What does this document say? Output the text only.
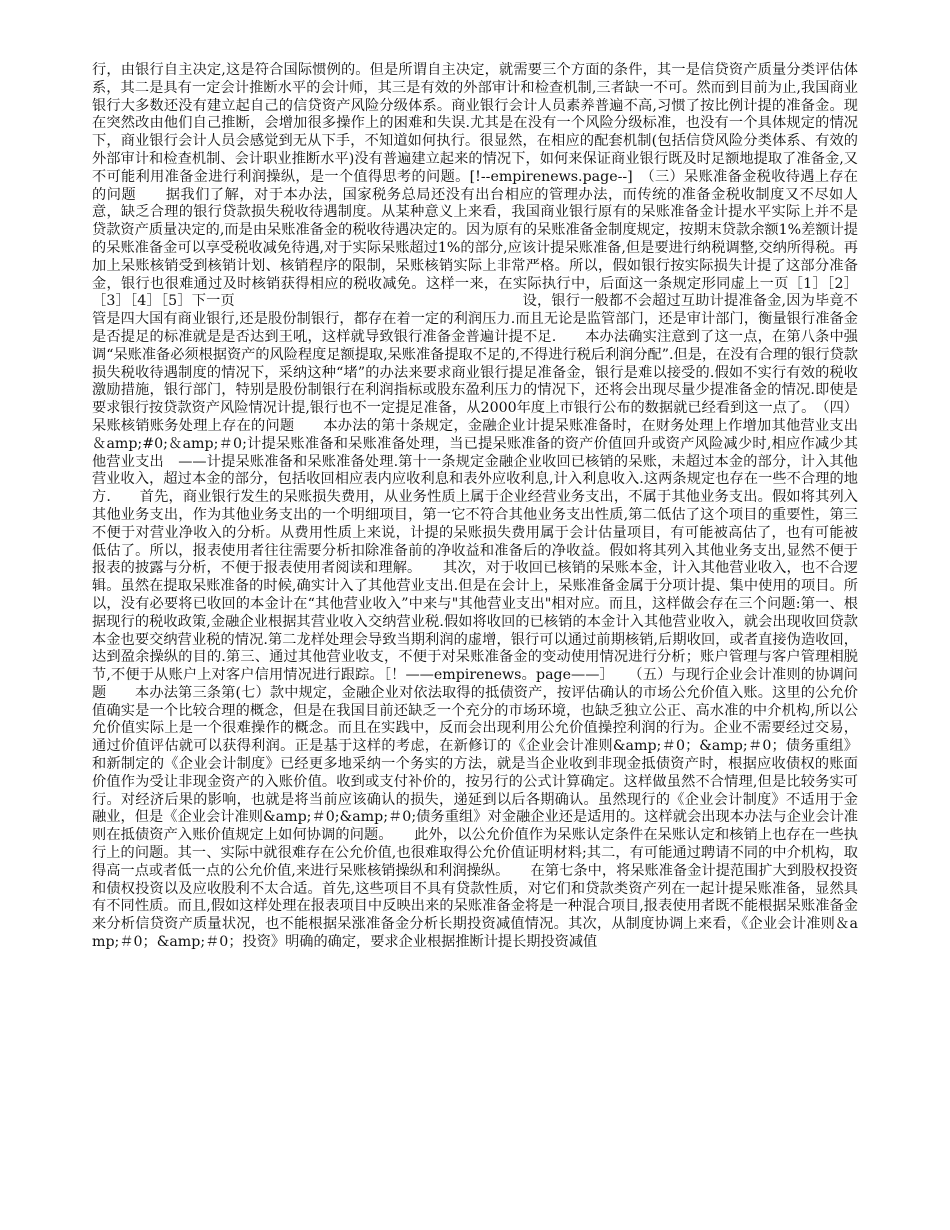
行，由银行自主决定,这是符合国际惯例的。但是所谓自主决定，就需要三个方面的条件，其一是信贷资产质量分类评估体系，其二是具有一定会计推断水平的会计师，其三是有效的外部审计和检查机制,三者缺一不可。然而到目前为止,我国商业银行大多数还没有建立起自己的信贷资产风险分级体系。商业银行会计人员素养普遍不高,习惯了按比例计提的准备金。现在突然改由他们自己推断，会增加很多操作上的困难和失误.尤其是在没有一个风险分级标准，也没有一个具体规定的情况下，商业银行会计人员会感觉到无从下手，不知道如何执行。很显然，在相应的配套机制(包括信贷风险分类体系、有效的外部审计和检查机制、会计职业推断水平)没有普遍建立起来的情况下，如何来保证商业银行既及时足额地提取了准备金,又不可能利用准备金进行利润操纵，是一个值得思考的问题。[!--empirenews.page--]　（三）呆账准备金税收待遇上存在的问题　　据我们了解，对于本办法，国家税务总局还没有出台相应的管理办法，而传统的准备金税收制度又不尽如人意，缺乏合理的银行贷款损失税收待遇制度。从某种意义上来看，我国商业银行原有的呆账准备金计提水平实际上并不是贷款资产质量决定的,而是由呆账准备金的税收待遇决定的。因为原有的呆账准备金制度规定，按期末贷款余额1%差额计提的呆账准备金可以享受税收减免待遇,对于实际呆账超过1%的部分,应该计提呆账准备,但是要进行纳税调整,交纳所得税。再加上呆账核销受到核销计划、核销程序的限制，呆账核销实际上非常严格。所以，假如银行按实际损失计提了这部分准备金，银行也很难通过及时核销获得相应的税收减免。这样一来，在实际执行中，后面这一条规定形同虚上一页［1］［2］［3］［4］［5］下一页　　　　　　　　　　　　　　　　　　　　设，银行一般都不会超过互助计提准备金,因为毕竟不管是四大国有商业银行,还是股份制银行，都存在着一定的利润压力.而且无论是监管部门，还是审计部门，衡量银行准备金是否提足的标准就是是否达到王吼，这样就导致银行准备金普遍计提不足.　　本办法确实注意到了这一点，在第八条中强调“呆账准备必须根据资产的风险程度足额提取,呆账准备提取不足的,不得进行税后利润分配”.但是，在没有合理的银行贷款损失税收待遇制度的情况下，采纳这种“堵”的办法来要求商业银行提足准备金，银行是难以接受的.假如不实行有效的税收激励措施，银行部门，特别是股份制银行在利润指标或股东盈利压力的情况下，还将会出现尽量少提准备金的情况.即使是要求银行按贷款资产风险情况计提,银行也不一定提足准备，从2000年度上市银行公布的数据就已经看到这一点了。　（四）呆账核销账务处理上存在的问题　　本办法的第十条规定，金融企业计提呆账准备时，在财务处理上作增加其他营业支出＆amp;#0;＆amp;＃0;计提呆账准备和呆账准备处理，当已提呆账准备的资产价值回升或资产风险减少时,相应作减少其他营业支出　——计提呆账准备和呆账准备处理.第十一条规定金融企业收回已核销的呆账，未超过本金的部分，计入其他营业收入，超过本金的部分，包括收回相应表内应收利息和表外应收利息,计入利息收入.这两条规定也存在一些不合理的地方.　　首先，商业银行发生的呆账损失费用，从业务性质上属于企业经营业务支出，不属于其他业务支出。假如将其列入其他业务支出，作为其他业务支出的一个明细项目，第一它不符合其他业务支出性质,第二低估了这个项目的重要性，第三不便于对营业净收入的分析。从费用性质上来说，计提的呆账损失费用属于会计估量项目，有可能被高估了，也有可能被低估了。所以，报表使用者往往需要分析扣除准备前的净收益和准备后的净收益。假如将其列入其他业务支出,显然不便于报表的披露与分析，不便于报表使用者阅读和理解。　　其次，对于收回已核销的呆账本金，计入其他营业收入，也不合逻辑。虽然在提取呆账准备的时候,确实计入了其他营业支出.但是在会计上，呆账准备金属于分项计提、集中使用的项目。所以，没有必要将已收回的本金计在“其他营业收入”中来与"其他营业支出"相对应。而且，这样做会存在三个问题:第一、根据现行的税收政策,金融企业根据其营业收入交纳营业税.假如将收回的已核销的本金计入其他营业收入，就会出现收回贷款本金也要交纳营业税的情况.第二龙样处理会导致当期利润的虚增，银行可以通过前期核销,后期收回，或者直接伪造收回，达到盈余操纵的目的.第三、通过其他营业收支，不便于对呆账准备金的变动使用情况进行分析；账户管理与客户管理相脱节,不便于从账户上对客户信用情况进行跟踪。［！——empirenews。page——］　　（五）与现行企业会计准则的协调问题　　本办法第三条第(七）款中规定，金融企业对依法取得的抵债资产，按评估确认的市场公允价值入账。这里的公允价值确实是一个比较合理的概念，但是在我国目前还缺乏一个充分的市场环境，也缺乏独立公正、高水准的中介机构,所以公允价值实际上是一个很难操作的概念。而且在实践中，反而会出现利用公允价值操控利润的行为。企业不需要经过交易，通过价值评估就可以获得利润。正是基于这样的考虑，在新修订的《企业会计准则&amp;＃0；&amp;＃0；债务重组》和新制定的《企业会计制度》已经更多地采纳一个务实的方法，就是当企业收到非现金抵债资产时，根据应收债权的账面价值作为受让非现金资产的入账价值。收到或支付补价的，按另行的公式计算确定。这样做虽然不合情理,但是比较务实可行。对经济后果的影响，也就是将当前应该确认的损失，递延到以后各期确认。虽然现行的《企业会计制度》不适用于金融业，但是《企业会计准则&amp;＃0;&amp;＃0;债务重组》对金融企业还是适用的。这样就会出现本办法与企业会计准则在抵债资产入账价值规定上如何协调的问题。　　此外，以公允价值作为呆账认定条件在呆账认定和核销上也存在一些执行上的问题。其一、实际中就很难存在公允价值,也很难取得公允价值证明材料;其二，有可能通过聘请不同的中介机构，取得高一点或者低一点的公允价值,来进行呆账核销操纵和利润操纵。　　在第七条中，将呆账准备金计提范围扩大到股权投资和债权投资以及应收股利不太合适。首先,这些项目不具有贷款性质，对它们和贷款类资产列在一起计提呆账准备，显然具有不同性质。而且,假如这样处理在报表项目中反映出来的呆账准备金将是一种混合项目,报表使用者既不能根据呆账准备金来分析信贷资产质量状况，也不能根据呆涨准备金分析长期投资减值情况。其次，从制度协调上来看，《企业会计准则＆amp;＃0；&amp;＃0；投资》明确的确定，要求企业根据推断计提长期投资减值
